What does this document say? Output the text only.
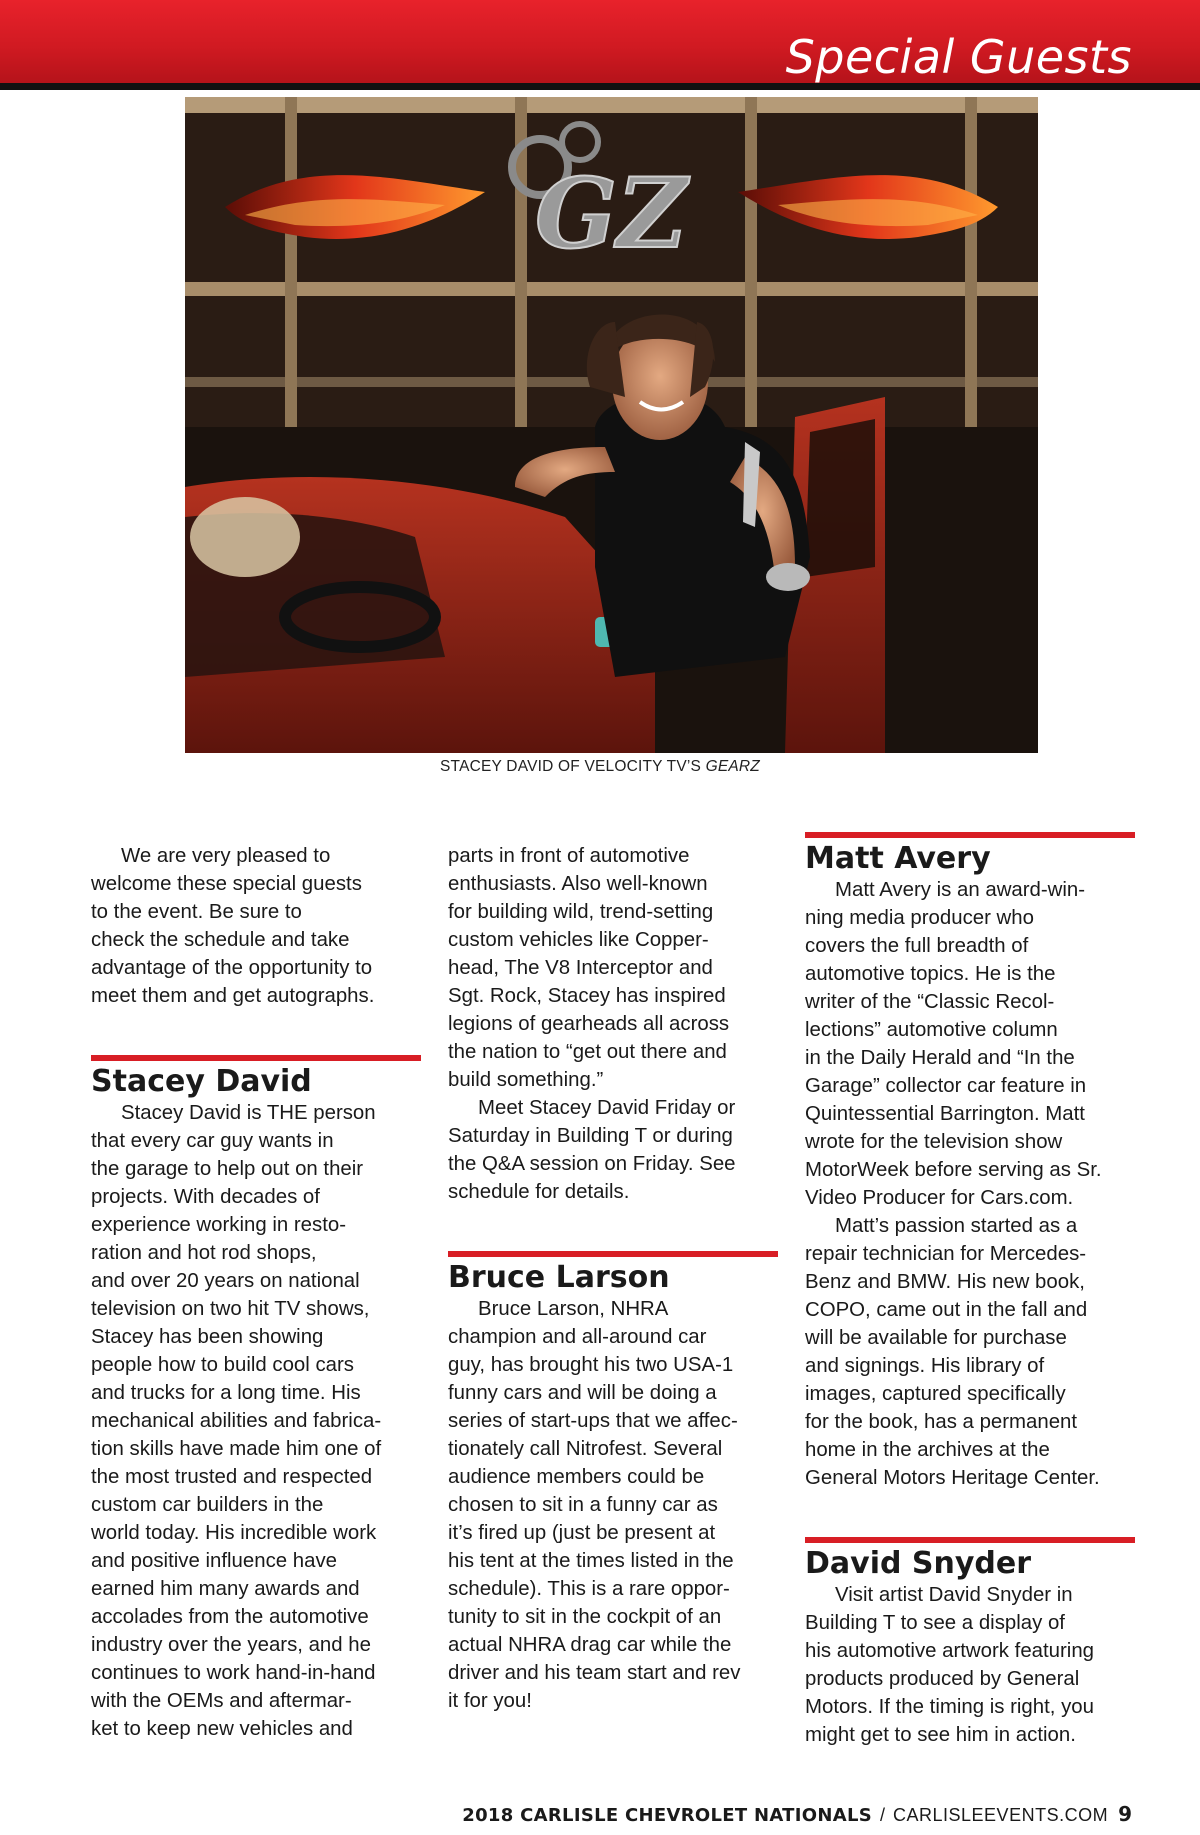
Special Guests
GZ
STACEY DAVID OF VELOCITY TV’S GEARZ

We are very pleased to

welcome these special guests

to the event. Be sure to

check the schedule and take

advantage of the opportunity to

meet them and get autographs.

Stacey David

Stacey David is THE person

that every car guy wants in

the garage to help out on their

projects. With decades of

experience working in resto-

ration and hot rod shops,

and over 20 years on national

television on two hit TV shows,

Stacey has been showing

people how to build cool cars

and trucks for a long time. His

mechanical abilities and fabrica-

tion skills have made him one of

the most trusted and respected

custom car builders in the

world today. His incredible work

and positive influence have

earned him many awards and

accolades from the automotive

industry over the years, and he

continues to work hand-in-hand

with the OEMs and aftermar-

ket to keep new vehicles and

parts in front of automotive

enthusiasts. Also well-known

for building wild, trend-setting

custom vehicles like Copper-

head, The V8 Interceptor and

Sgt. Rock, Stacey has inspired

legions of gearheads all across

the nation to “get out there and

build something.”

Meet Stacey David Friday or

Saturday in Building T or during

the Q&A session on Friday. See

schedule for details.

Bruce Larson

Bruce Larson, NHRA

champion and all-around car

guy, has brought his two USA-1

funny cars and will be doing a

series of start-ups that we affec-

tionately call Nitrofest. Several

audience members could be

chosen to sit in a funny car as

it’s fired up (just be present at

his tent at the times listed in the

schedule). This is a rare oppor-

tunity to sit in the cockpit of an

actual NHRA drag car while the

driver and his team start and rev

it for you!

Matt Avery

Matt Avery is an award-win-

ning media producer who

covers the full breadth of

automotive topics. He is the

writer of the “Classic Recol-

lections” automotive column

in the Daily Herald and “In the

Garage” collector car feature in

Quintessential Barrington. Matt

wrote for the television show

MotorWeek before serving as Sr.

Video Producer for Cars.com.

Matt’s passion started as a

repair technician for Mercedes-

Benz and BMW. His new book,

COPO, came out in the fall and

will be available for purchase

and signings. His library of

images, captured specifically

for the book, has a permanent

home in the archives at the

General Motors Heritage Center.

David Snyder

Visit artist David Snyder in

Building T to see a display of

his automotive artwork featuring

products produced by General

Motors. If the timing is right, you

might get to see him in action.

2018 CARLISLE CHEVROLET NATIONALS / CARLISLEEVENTS.COM 9
